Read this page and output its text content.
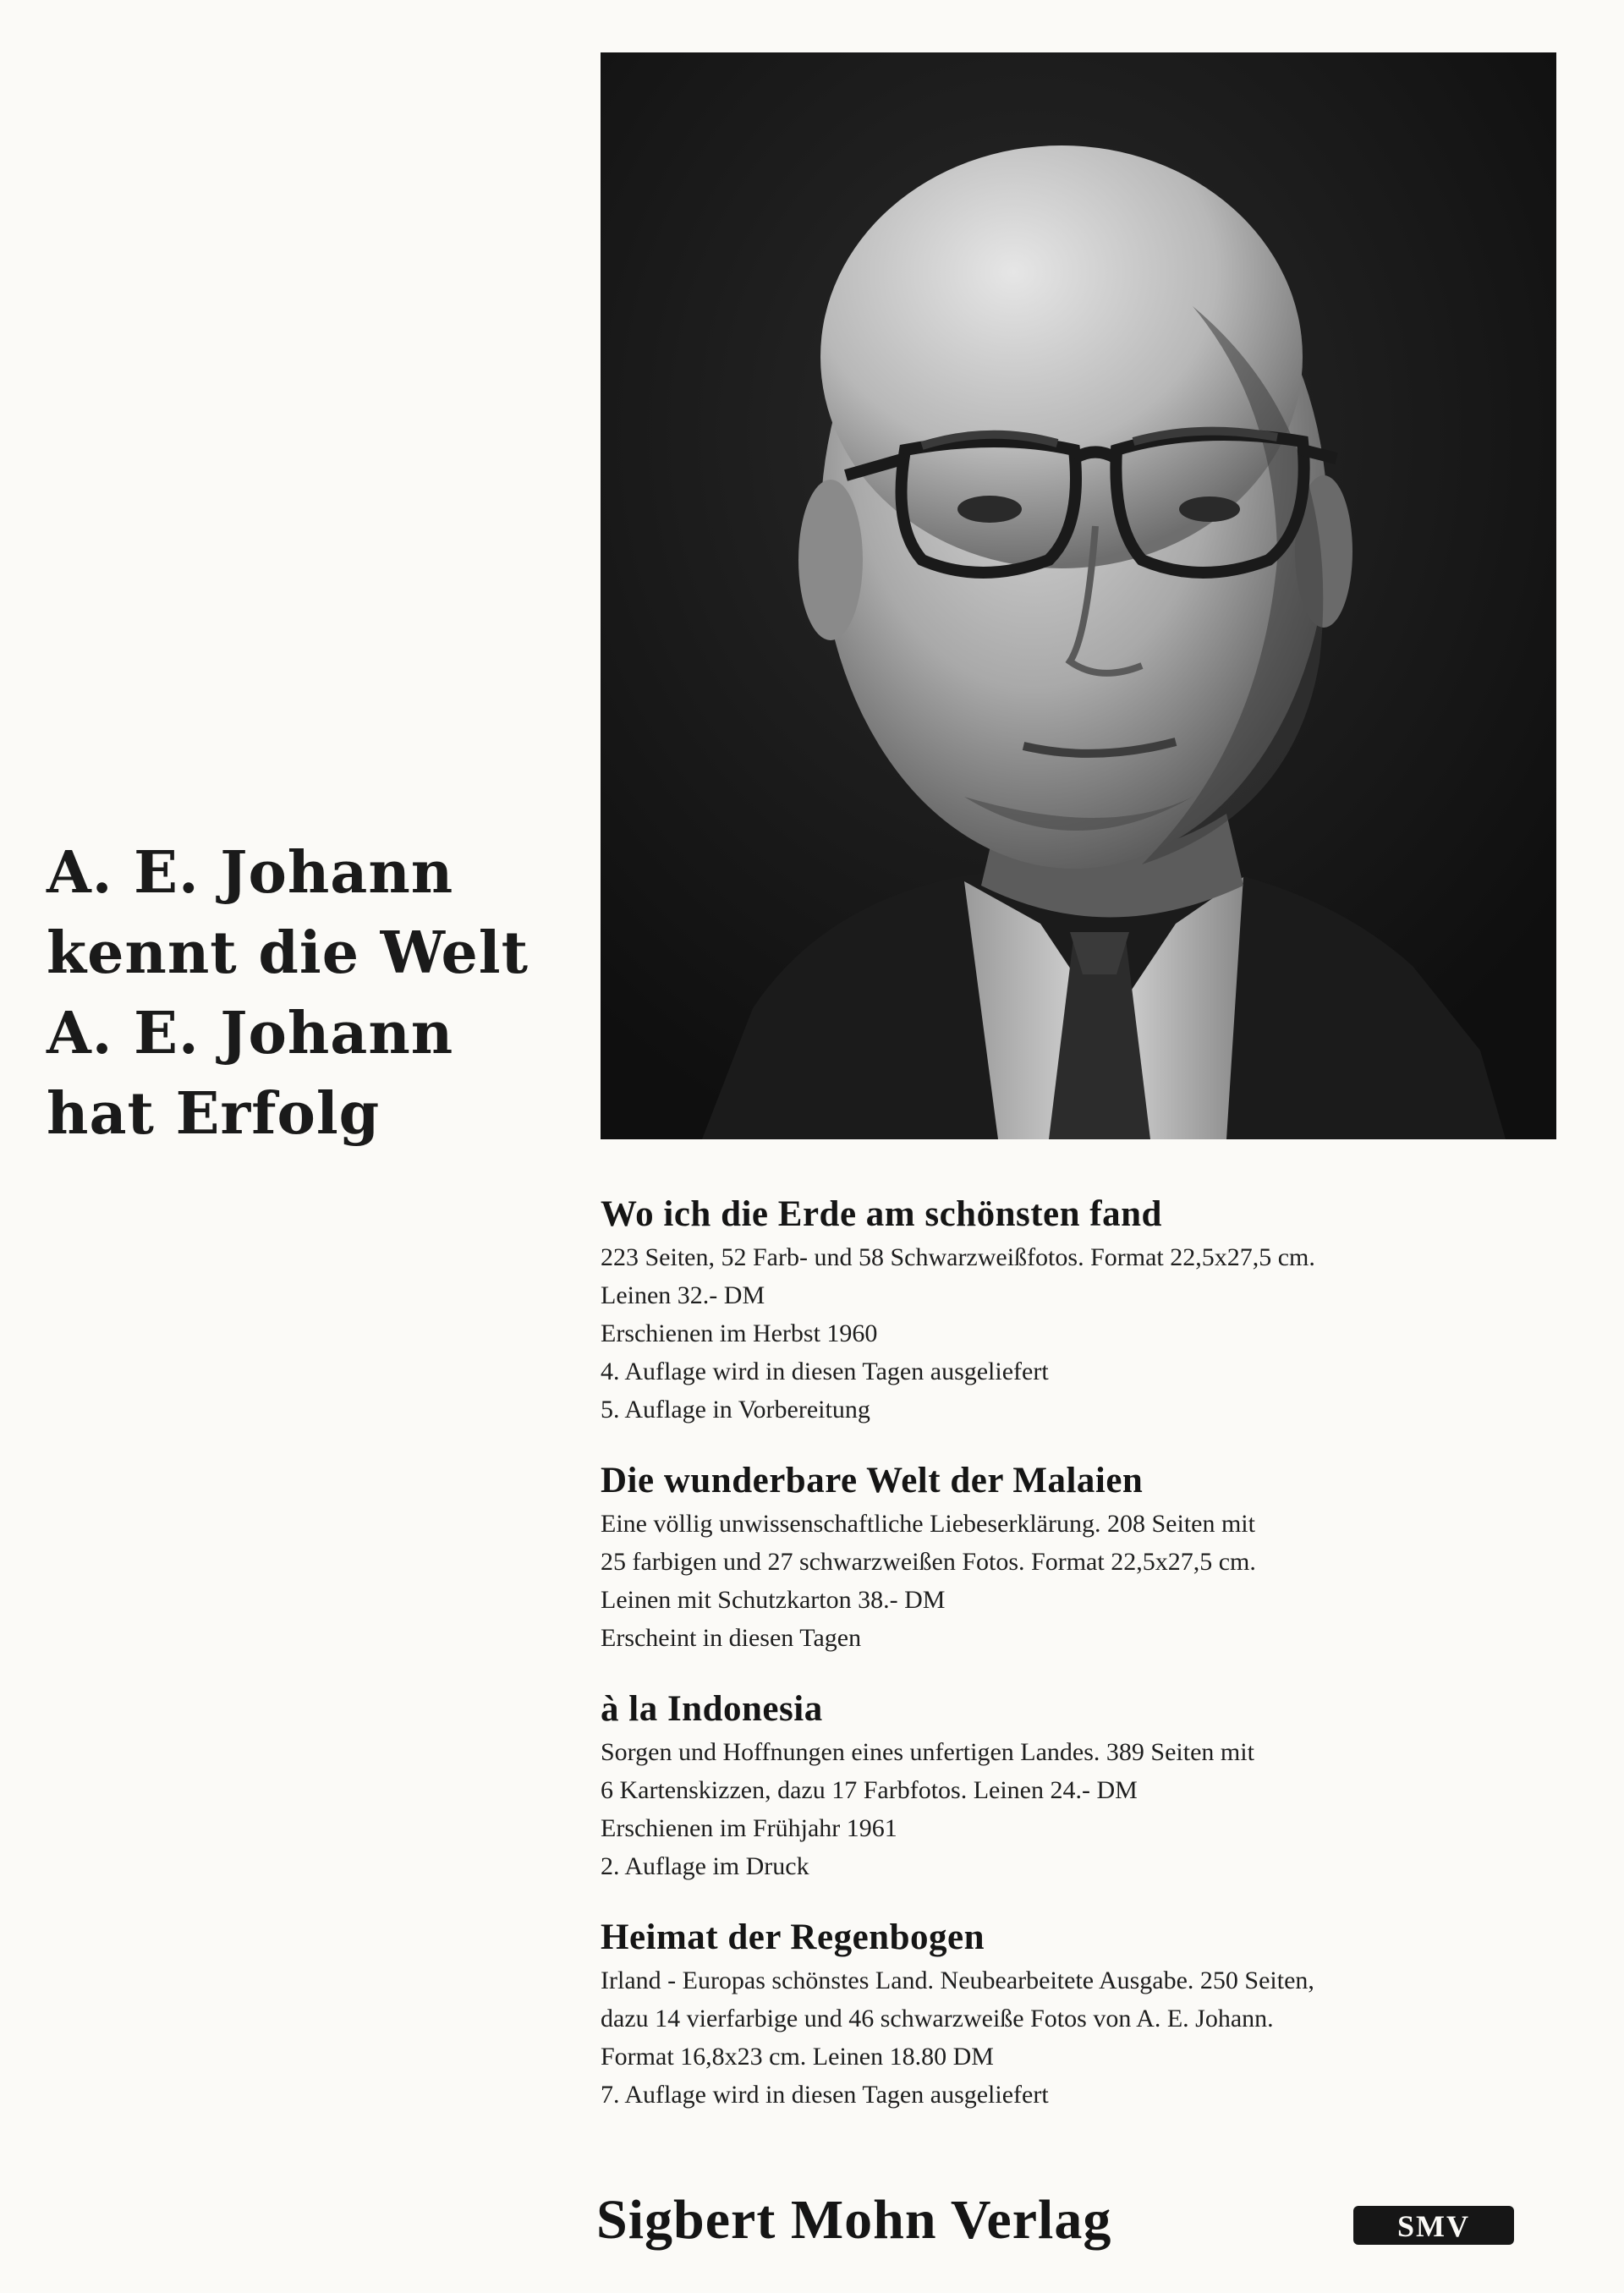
A. E. Johann
kennt die Welt
A. E. Johann
hat Erfolg
Wo ich die Erde am schönsten fand
223 Seiten, 52 Farb- und 58 Schwarzweißfotos. Format 22,5x27,5 cm.
Leinen 32.- DM
Erschienen im Herbst 1960
4. Auflage wird in diesen Tagen ausgeliefert
5. Auflage in Vorbereitung
Die wunderbare Welt der Malaien
Eine völlig unwissenschaftliche Liebeserklärung. 208 Seiten mit
25 farbigen und 27 schwarzweißen Fotos. Format 22,5x27,5 cm.
Leinen mit Schutzkarton 38.- DM
Erscheint in diesen Tagen
à la Indonesia
Sorgen und Hoffnungen eines unfertigen Landes. 389 Seiten mit
6 Kartenskizzen, dazu 17 Farbfotos. Leinen 24.- DM
Erschienen im Frühjahr 1961
2. Auflage im Druck
Heimat der Regenbogen
Irland - Europas schönstes Land. Neubearbeitete Ausgabe. 250 Seiten,
dazu 14 vierfarbige und 46 schwarzweiße Fotos von A. E. Johann.
Format 16,8x23 cm. Leinen 18.80 DM
7. Auflage wird in diesen Tagen ausgeliefert
Sigbert Mohn Verlag	SMV
